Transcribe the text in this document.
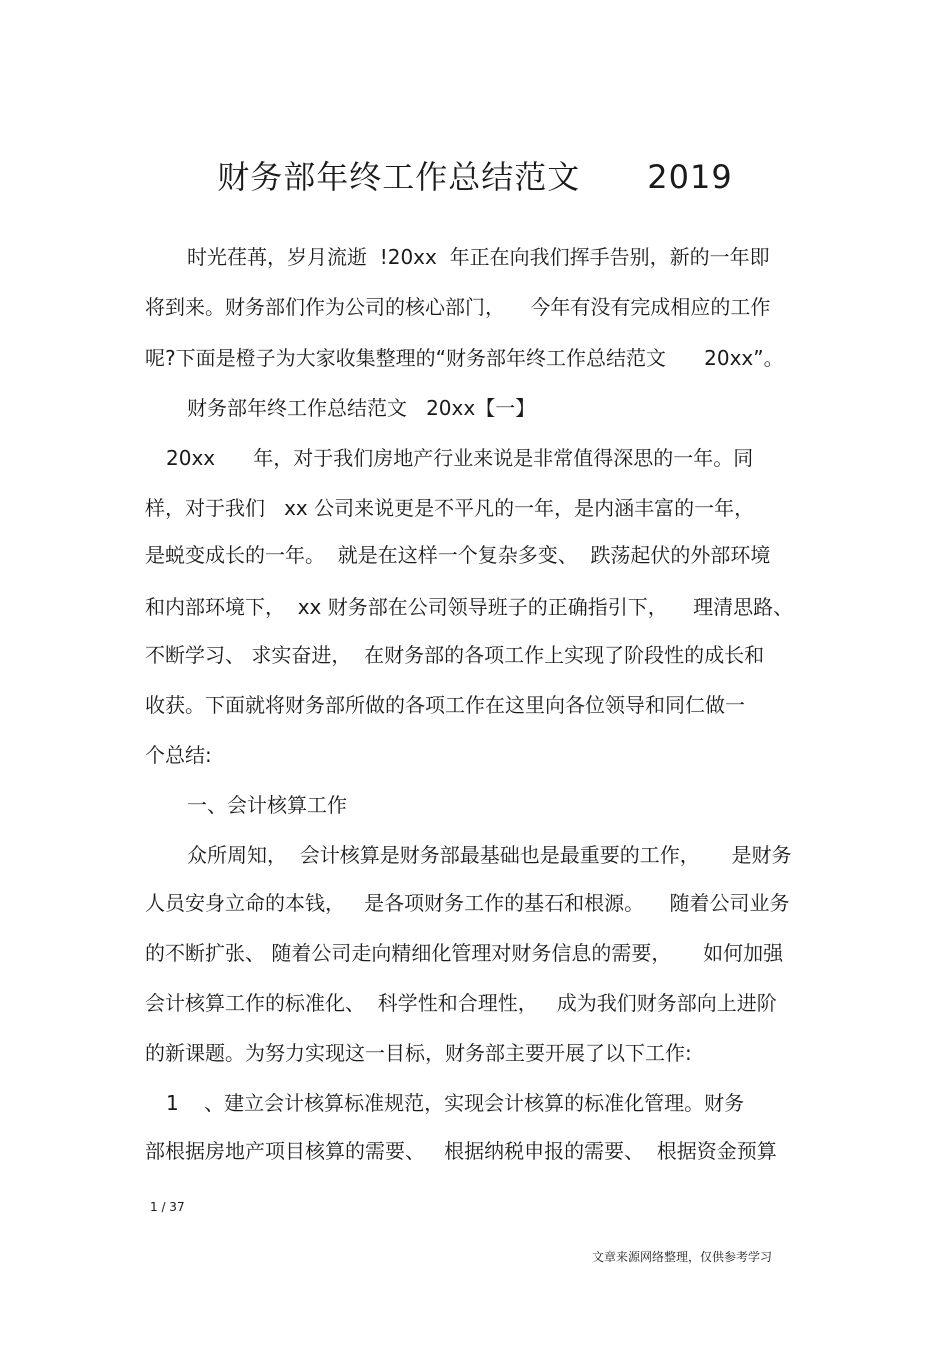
财务部年终工作总结范文      2019
时光荏苒，岁月流逝  !20xx  年正在向我们挥手告别，新的一年即
将到来。财务部们作为公司的核心部门，    今年有没有完成相应的工作
呢?下面是橙子为大家收集整理的“财务部年终工作总结范文      20xx”。
财务部年终工作总结范文   20xx【一】
20xx      年，对于我们房地产行业来说是非常值得深思的一年。同
样，对于我们   xx 公司来说更是不平凡的一年，是内涵丰富的一年，
是蜕变成长的一年。  就是在这样一个复杂多变、  跌荡起伏的外部环境
和内部环境下，  xx 财务部在公司领导班子的正确指引下，    理清思路、
不断学习、 求实奋进，  在财务部的各项工作上实现了阶段性的成长和
收获。下面就将财务部所做的各项工作在这里向各位领导和同仁做一
个总结:
一、会计核算工作
众所周知，  会计核算是财务部最基础也是最重要的工作，     是财务
人员安身立命的本钱，   是各项财务工作的基石和根源。    随着公司业务
的不断扩张、 随着公司走向精细化管理对财务信息的需要，     如何加强
会计核算工作的标准化、  科学性和合理性，   成为我们财务部向上进阶
的新课题。为努力实现这一目标，财务部主要开展了以下工作:
1    、建立会计核算标准规范，实现会计核算的标准化管理。财务
部根据房地产项目核算的需要、   根据纳税申报的需要、  根据资金预算
1 / 37
文章来源网络整理，仅供参考学习
